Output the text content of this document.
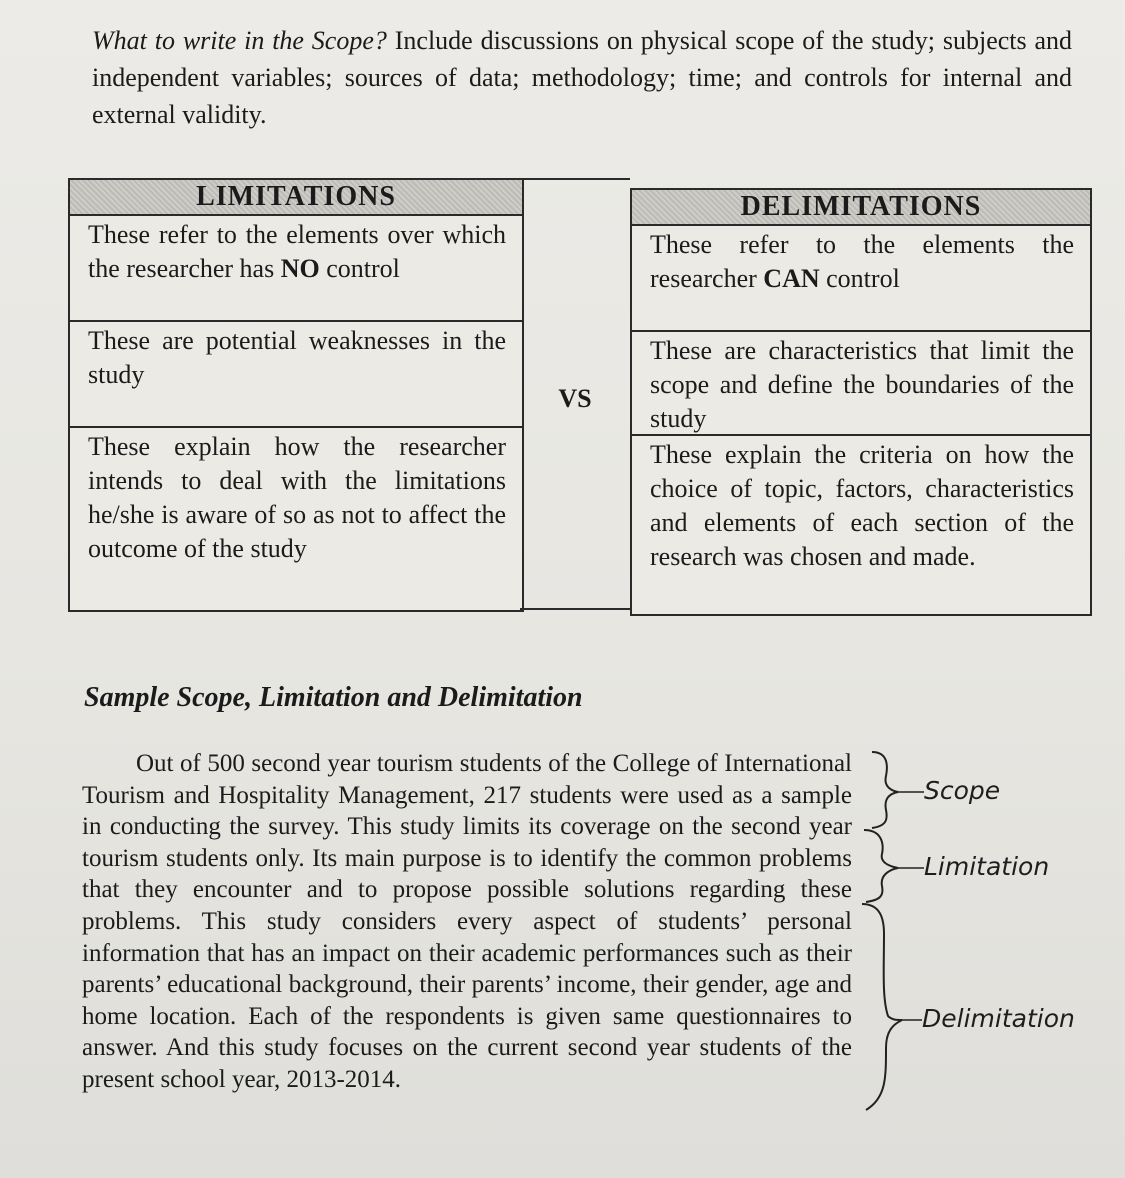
What to write in the Scope? Include discussions on physical scope of the study; subjects and independent variables; sources of data; methodology; time; and controls for internal and external validity.

LIMITATIONS
These refer to the elements over which the researcher has NO control
These are potential weaknesses in the study
These explain how the researcher intends to deal with the limitations he/she is aware of so as not to affect the outcome of the study
VS
DELIMITATIONS
These refer to the elements the researcher CAN control
These are characteristics that limit the scope and define the boundaries of the study
These explain the criteria on how the choice of topic, factors, characteristics and elements of each section of the research was chosen and made.
Sample Scope, Limitation and Delimitation

Out of 500 second year tourism students of the College of International Tourism and Hospitality Management, 217 students were used as a sample in conducting the survey. This study limits its coverage on the second year tourism students only. Its main purpose is to identify the common problems that they encounter and to propose possible solutions regarding these problems. This study considers every aspect of students’ personal information that has an impact on their academic performances such as their parents’ educational background, their parents’ income, their gender, age and home location. Each of the respondents is given same questionnaires to answer. And this study focuses on the current second year students of the present school year, 2013-2014.

Scope
Limitation
Delimitation
